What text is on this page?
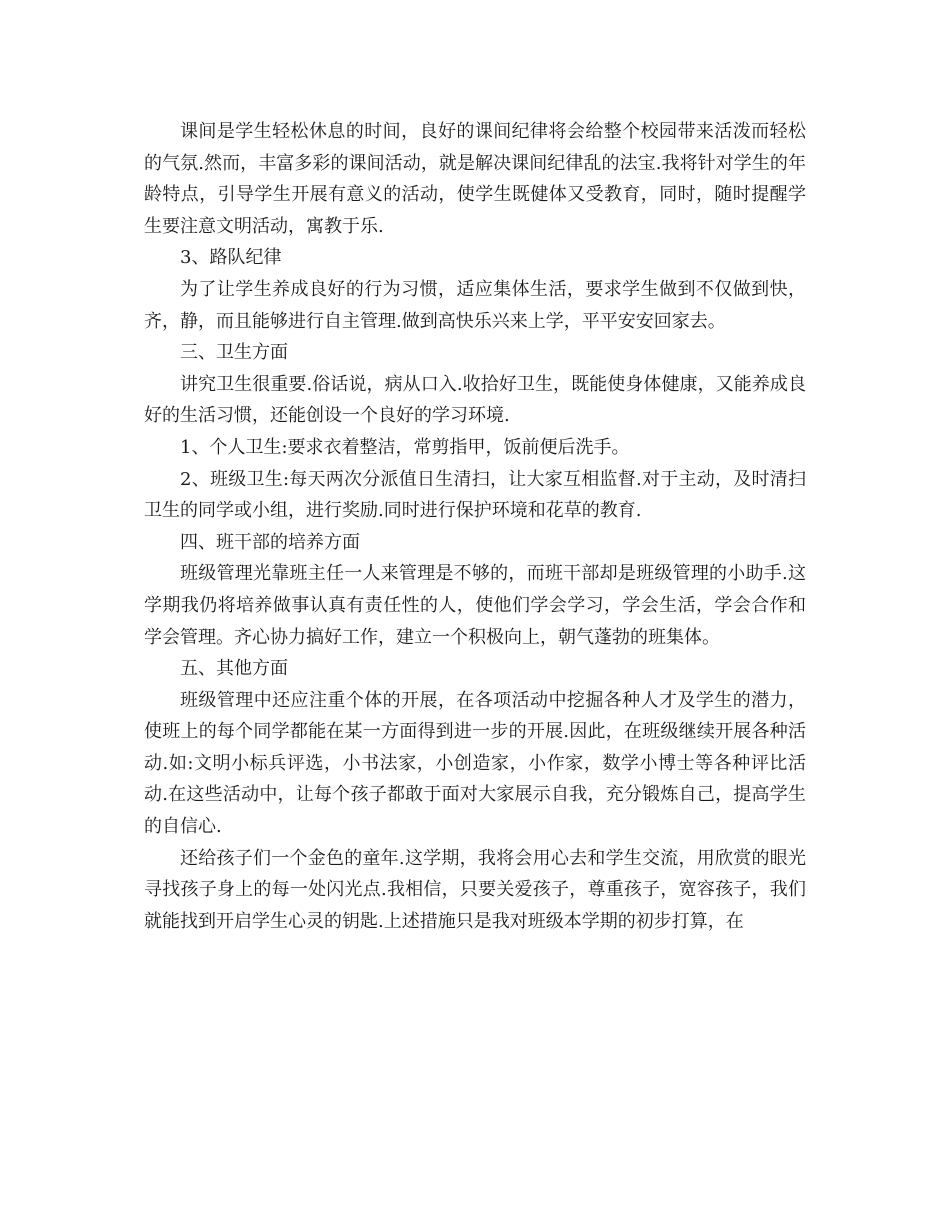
课间是学生轻松休息的时间，良好的课间纪律将会给整个校园带来活泼而轻松的气氛.然而，丰富多彩的课间活动，就是解决课间纪律乱的法宝.我将针对学生的年龄特点，引导学生开展有意义的活动，使学生既健体又受教育，同时，随时提醒学生要注意文明活动，寓教于乐.

3、路队纪律

为了让学生养成良好的行为习惯，适应集体生活，要求学生做到不仅做到快，齐，静，而且能够进行自主管理.做到高快乐兴来上学，平平安安回家去。

三、卫生方面

讲究卫生很重要.俗话说，病从口入.收拾好卫生，既能使身体健康，又能养成良好的生活习惯，还能创设一个良好的学习环境.

1、个人卫生:要求衣着整洁，常剪指甲，饭前便后洗手。

2、班级卫生:每天两次分派值日生清扫，让大家互相监督.对于主动，及时清扫卫生的同学或小组，进行奖励.同时进行保护环境和花草的教育.

四、班干部的培养方面

班级管理光靠班主任一人来管理是不够的，而班干部却是班级管理的小助手.这学期我仍将培养做事认真有责任性的人，使他们学会学习，学会生活，学会合作和学会管理。齐心协力搞好工作，建立一个积极向上，朝气蓬勃的班集体。

五、其他方面

班级管理中还应注重个体的开展，在各项活动中挖掘各种人才及学生的潜力，使班上的每个同学都能在某一方面得到进一步的开展.因此，在班级继续开展各种活动.如:文明小标兵评选，小书法家，小创造家，小作家，数学小博士等各种评比活动.在这些活动中，让每个孩子都敢于面对大家展示自我，充分锻炼自己，提高学生的自信心.

还给孩子们一个金色的童年.这学期，我将会用心去和学生交流，用欣赏的眼光寻找孩子身上的每一处闪光点.我相信，只要关爱孩子，尊重孩子，宽容孩子，我们就能找到开启学生心灵的钥匙.上述措施只是我对班级本学期的初步打算，在
